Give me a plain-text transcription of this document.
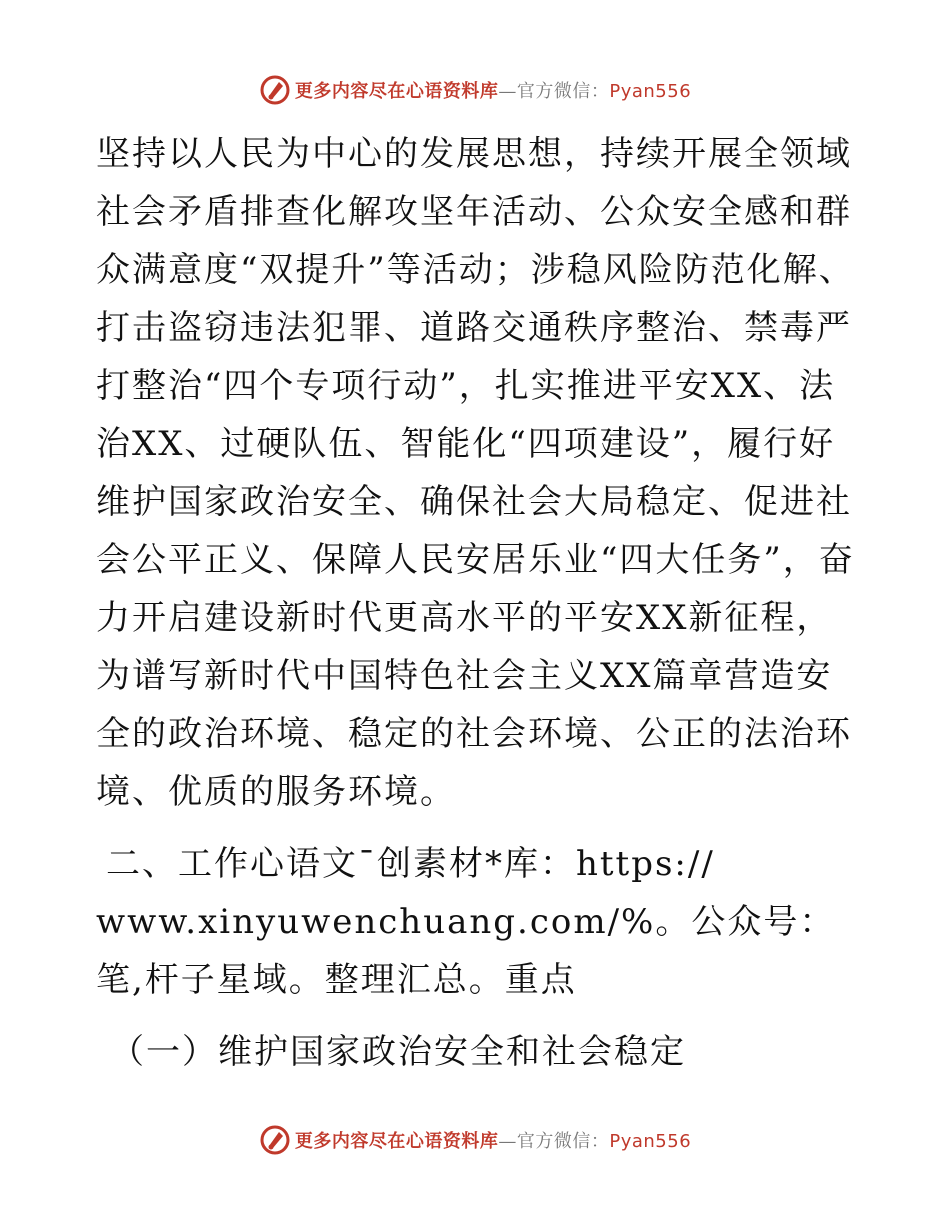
更多内容尽在心语资料库—官方微信：Pyan556

坚持以人民为中心的发展思想，持续开展全领域社会矛盾排查化解攻坚年活动、公众安全感和群众满意度“双提升”等活动；涉稳风险防范化解、打击盗窃违法犯罪、道路交通秩序整治、禁毒严打整治“四个专项行动”，扎实推进平安XX、法治XX、过硬队伍、智能化“四项建设”，履行好维护国家政治安全、确保社会大局稳定、促进社会公平正义、保障人民安居乐业“四大任务”，奋力开启建设新时代更高水平的平安XX新征程，为谱写新时代中国特色社会主义XX篇章营造安全的政治环境、稳定的社会环境、公正的法治环境、优质的服务环境。

二、工作心语文¯创素材*库：https://

www.xinyuwenchuang.com/%。公众号：笔,杆子星域。整理汇总。重点

（一）维护国家政治安全和社会稳定

更多内容尽在心语资料库—官方微信：Pyan556
